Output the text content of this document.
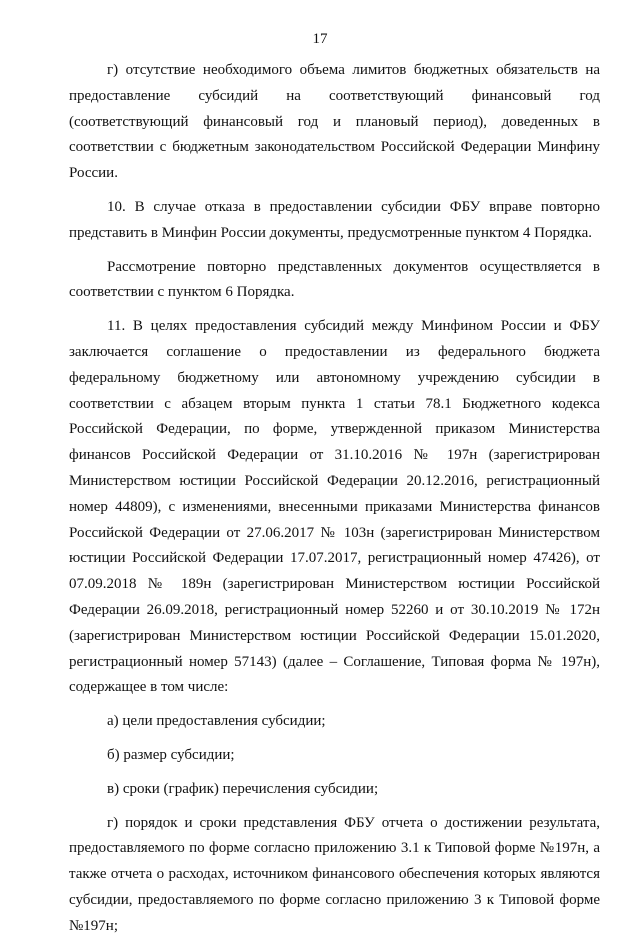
17

г) отсутствие необходимого объема лимитов бюджетных обязательств на предоставление субсидий на соответствующий финансовый год (соответствующий финансовый год и плановый период), доведенных в соответствии с бюджетным законодательством Российской Федерации Минфину России.

10. В случае отказа в предоставлении субсидии ФБУ вправе повторно представить в Минфин России документы, предусмотренные пунктом 4 Порядка.

Рассмотрение повторно представленных документов осуществляется в соответствии с пунктом 6 Порядка.

11. В целях предоставления субсидий между Минфином России и ФБУ заключается соглашение о предоставлении из федерального бюджета федеральному бюджетному или автономному учреждению субсидии в соответствии с абзацем вторым пункта 1 статьи 78.1 Бюджетного кодекса Российской Федерации, по форме, утвержденной приказом Министерства финансов Российской Федерации от 31.10.2016 № 197н (зарегистрирован Министерством юстиции Российской Федерации 20.12.2016, регистрационный номер 44809), с изменениями, внесенными приказами Министерства финансов Российской Федерации от 27.06.2017 № 103н (зарегистрирован Министерством юстиции Российской Федерации 17.07.2017, регистрационный номер 47426), от 07.09.2018 № 189н (зарегистрирован Министерством юстиции Российской Федерации 26.09.2018, регистрационный номер 52260 и от 30.10.2019 № 172н (зарегистрирован Министерством юстиции Российской Федерации 15.01.2020, регистрационный номер 57143) (далее – Соглашение, Типовая форма № 197н), содержащее в том числе:

а) цели предоставления субсидии;

б) размер субсидии;

в) сроки (график) перечисления субсидии;

г) порядок и сроки представления ФБУ отчета о достижении результата, предоставляемого по форме согласно приложению 3.1 к Типовой форме №197н, а также отчета о расходах, источником финансового обеспечения которых являются субсидии, предоставляемого по форме согласно приложению 3 к Типовой форме №197н;
